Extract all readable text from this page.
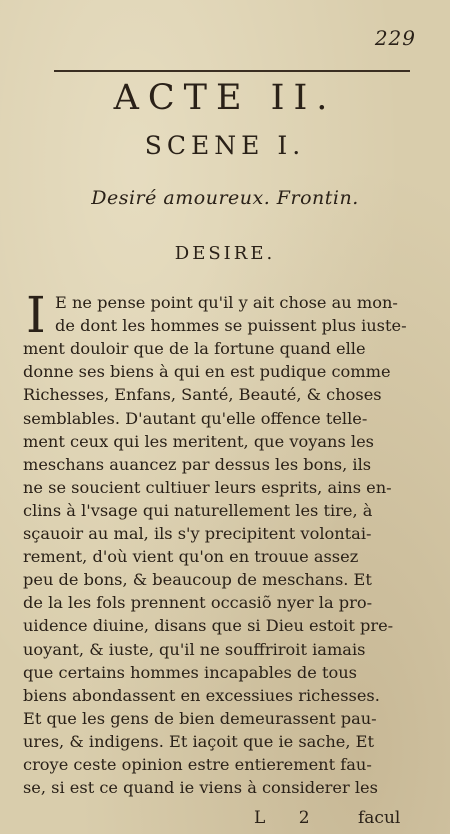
229
ACTE II.
SCENE I.
Desiré amoureux. Frontin.
DESIRE.
I E ne pense point qu'il y ait chose au mon-
de dont les hommes se puissent plus iuste-
ment douloir que de la fortune quand elle
donne ses biens à qui en est pudique comme
Richesses, Enfans, Santé, Beauté, & choses
semblables. D'autant qu'elle offence telle-
ment ceux qui les meritent, que voyans les
meschans auancez par dessus les bons, ils
ne se soucient cultiuer leurs esprits, ains en-
clins à l'vsage qui naturellement les tire, à
sçauoir au mal, ils s'y precipitent volontai-
rement, d'où vient qu'on en trouue assez
peu de bons, & beaucoup de meschans. Et
de la les fols prennent occasiõ nyer la pro-
uidence diuine, disans que si Dieu estoit pre-
uoyant, & iuste, qu'il ne souffriroit iamais
que certains hommes incapables de tous
biens abondassent en excessiues richesses.
Et que les gens de bien demeurassent pau-
ures, & indigens. Et iaçoit que ie sache, Et
croye ceste opinion estre entierement fau-
se, si est ce quand ie viens à considerer les
L 2 facul
